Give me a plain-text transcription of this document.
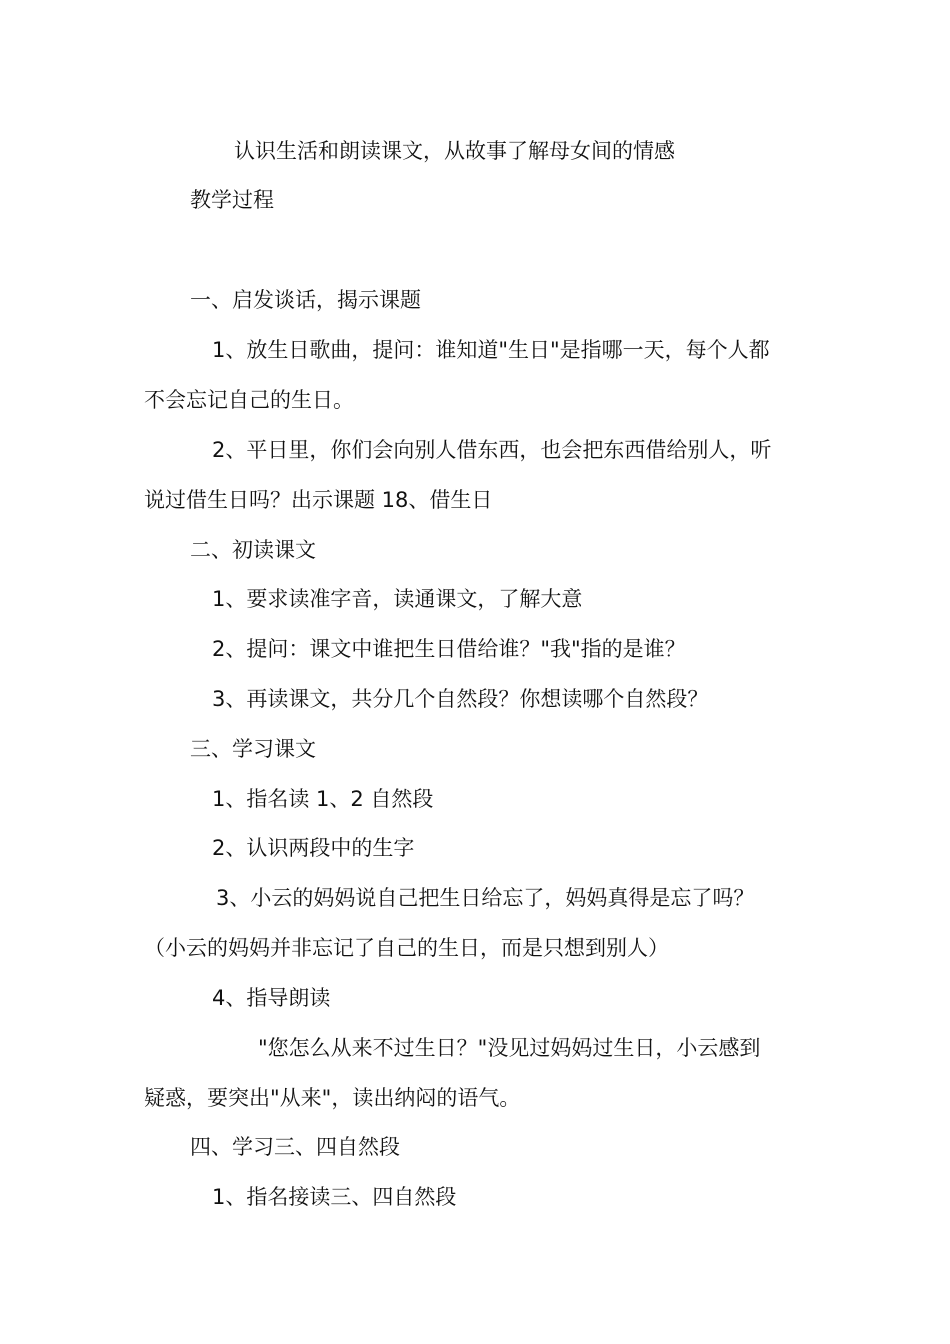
认识生活和朗读课文，从故事了解母女间的情感
教学过程
一、启发谈话，揭示课题
1、放生日歌曲，提问：谁知道"生日"是指哪一天，每个人都
不会忘记自己的生日。
2、平日里，你们会向别人借东西，也会把东西借给别人，听
说过借生日吗？出示课题 18、借生日
二、初读课文
1、要求读准字音，读通课文，了解大意
2、提问：课文中谁把生日借给谁？"我"指的是谁？
3、再读课文，共分几个自然段？你想读哪个自然段？
三、学习课文
1、指名读 1、2 自然段
2、认识两段中的生字
3、小云的妈妈说自己把生日给忘了，妈妈真得是忘了吗？
（小云的妈妈并非忘记了自己的生日，而是只想到别人）
4、指导朗读
"您怎么从来不过生日？"没见过妈妈过生日，小云感到
疑惑，要突出"从来"，读出纳闷的语气。
四、学习三、四自然段
1、指名接读三、四自然段
